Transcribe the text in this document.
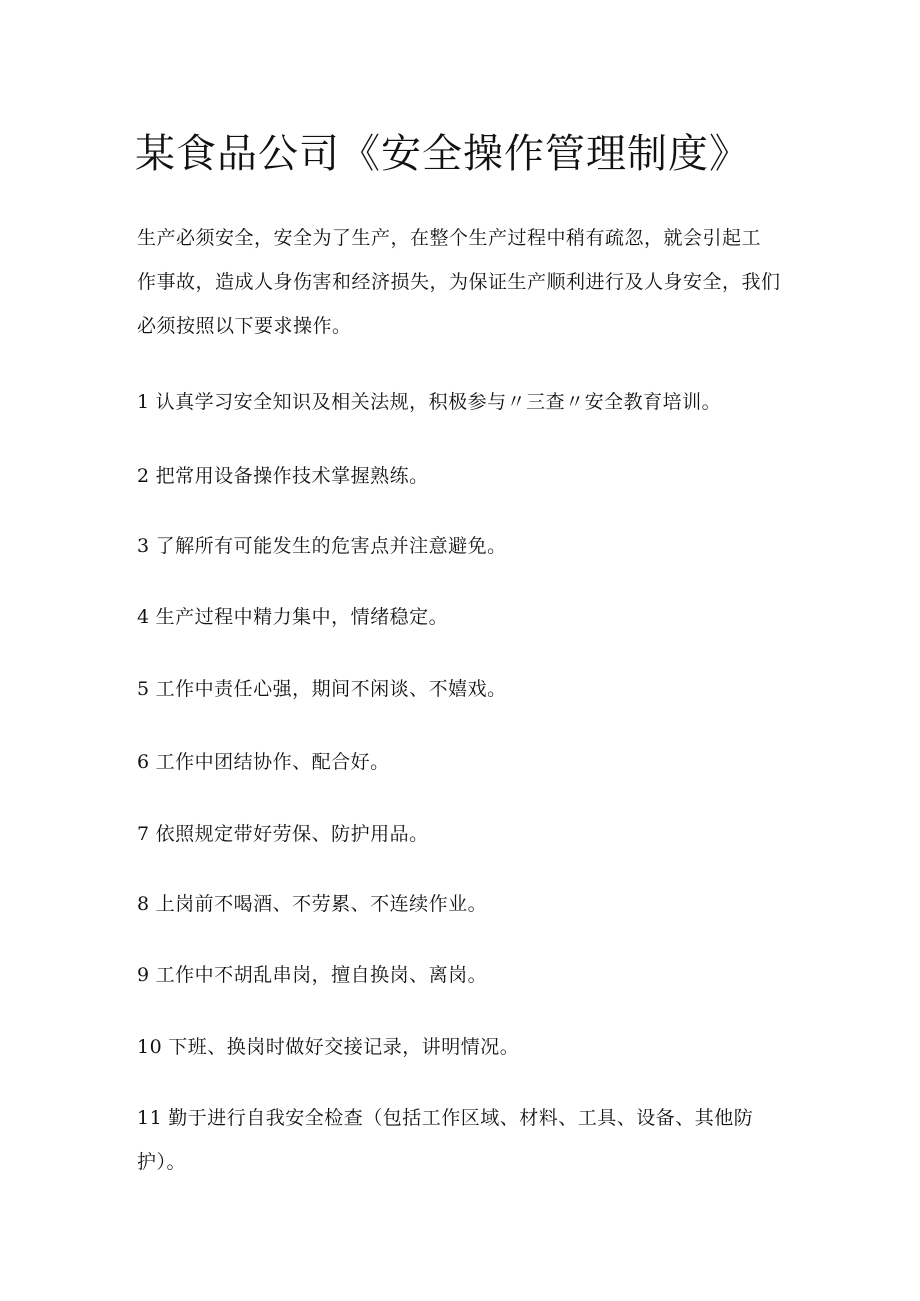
某食品公司《安全操作管理制度》

生产必须安全，安全为了生产，在整个生产过程中稍有疏忽，就会引起工
作事故，造成人身伤害和经济损失，为保证生产顺利进行及人身安全，我们
必须按照以下要求操作。

1 认真学习安全知识及相关法规，积极参与〃三查〃安全教育培训。

2 把常用设备操作技术掌握熟练。

3 了解所有可能发生的危害点并注意避免。

4 生产过程中精力集中，情绪稳定。

5 工作中责任心强，期间不闲谈、不嬉戏。

6 工作中团结协作、配合好。

7 依照规定带好劳保、防护用品。

8 上岗前不喝酒、不劳累、不连续作业。

9 工作中不胡乱串岗，擅自换岗、离岗。

10 下班、换岗时做好交接记录，讲明情况。

11 勤于进行自我安全检查（包括工作区域、材料、工具、设备、其他防
护）。
